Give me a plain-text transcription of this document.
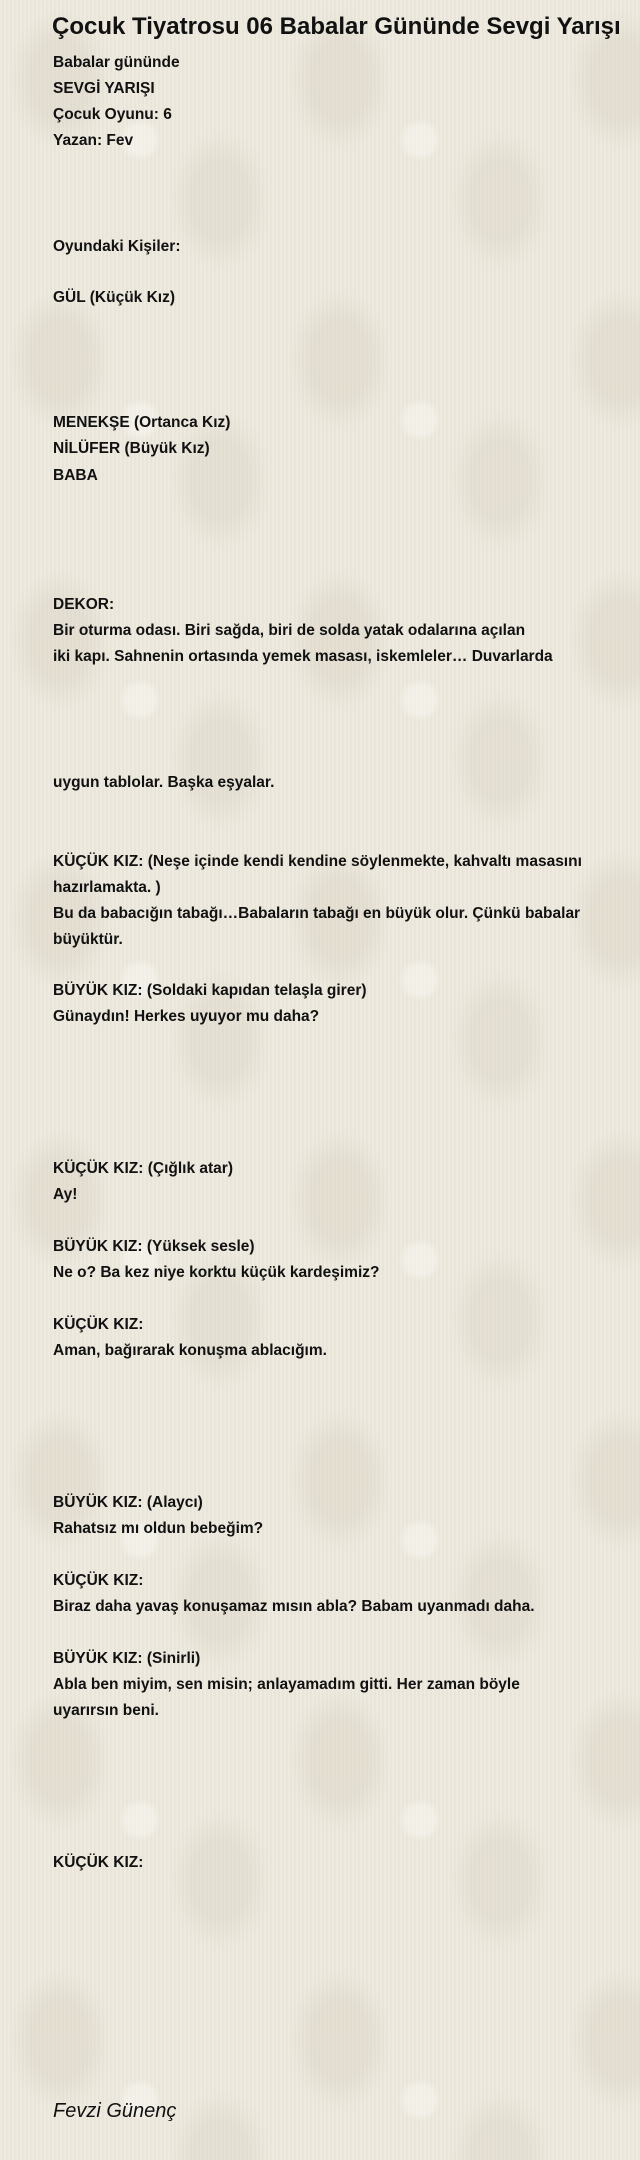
Çocuk Tiyatrosu 06 Babalar Gününde Sevgi Yarışı

Babalar gününde

SEVGİ YARIŞI

Çocuk Oyunu: 6

Yazan: Fev

Oyundaki Kişiler:

GÜL (Küçük Kız)

MENEKŞE (Ortanca Kız)

NİLÜFER (Büyük Kız)

BABA

DEKOR:

Bir oturma odası. Biri sağda, biri de solda yatak odalarına açılan

iki kapı. Sahnenin ortasında yemek masası, iskemleler… Duvarlarda

uygun tablolar. Başka eşyalar.

KÜÇÜK KIZ: (Neşe içinde kendi kendine söylenmekte, kahvaltı masasını

hazırlamakta. )

Bu da babacığın tabağı…Babaların tabağı en büyük olur. Çünkü babalar

büyüktür.

BÜYÜK KIZ: (Soldaki kapıdan telaşla girer)

Günaydın! Herkes uyuyor mu daha?

KÜÇÜK KIZ: (Çığlık atar)

Ay!

BÜYÜK KIZ: (Yüksek sesle)

Ne o? Ba kez niye korktu küçük kardeşimiz?

KÜÇÜK KIZ:

Aman, bağırarak konuşma ablacığım.

BÜYÜK KIZ: (Alaycı)

Rahatsız mı oldun bebeğim?

KÜÇÜK KIZ:

Biraz daha yavaş konuşamaz mısın abla? Babam uyanmadı daha.

BÜYÜK KIZ: (Sinirli)

Abla ben miyim, sen misin; anlayamadım gitti. Her zaman böyle

uyarırsın beni.

KÜÇÜK KIZ:

Fevzi Günenç
